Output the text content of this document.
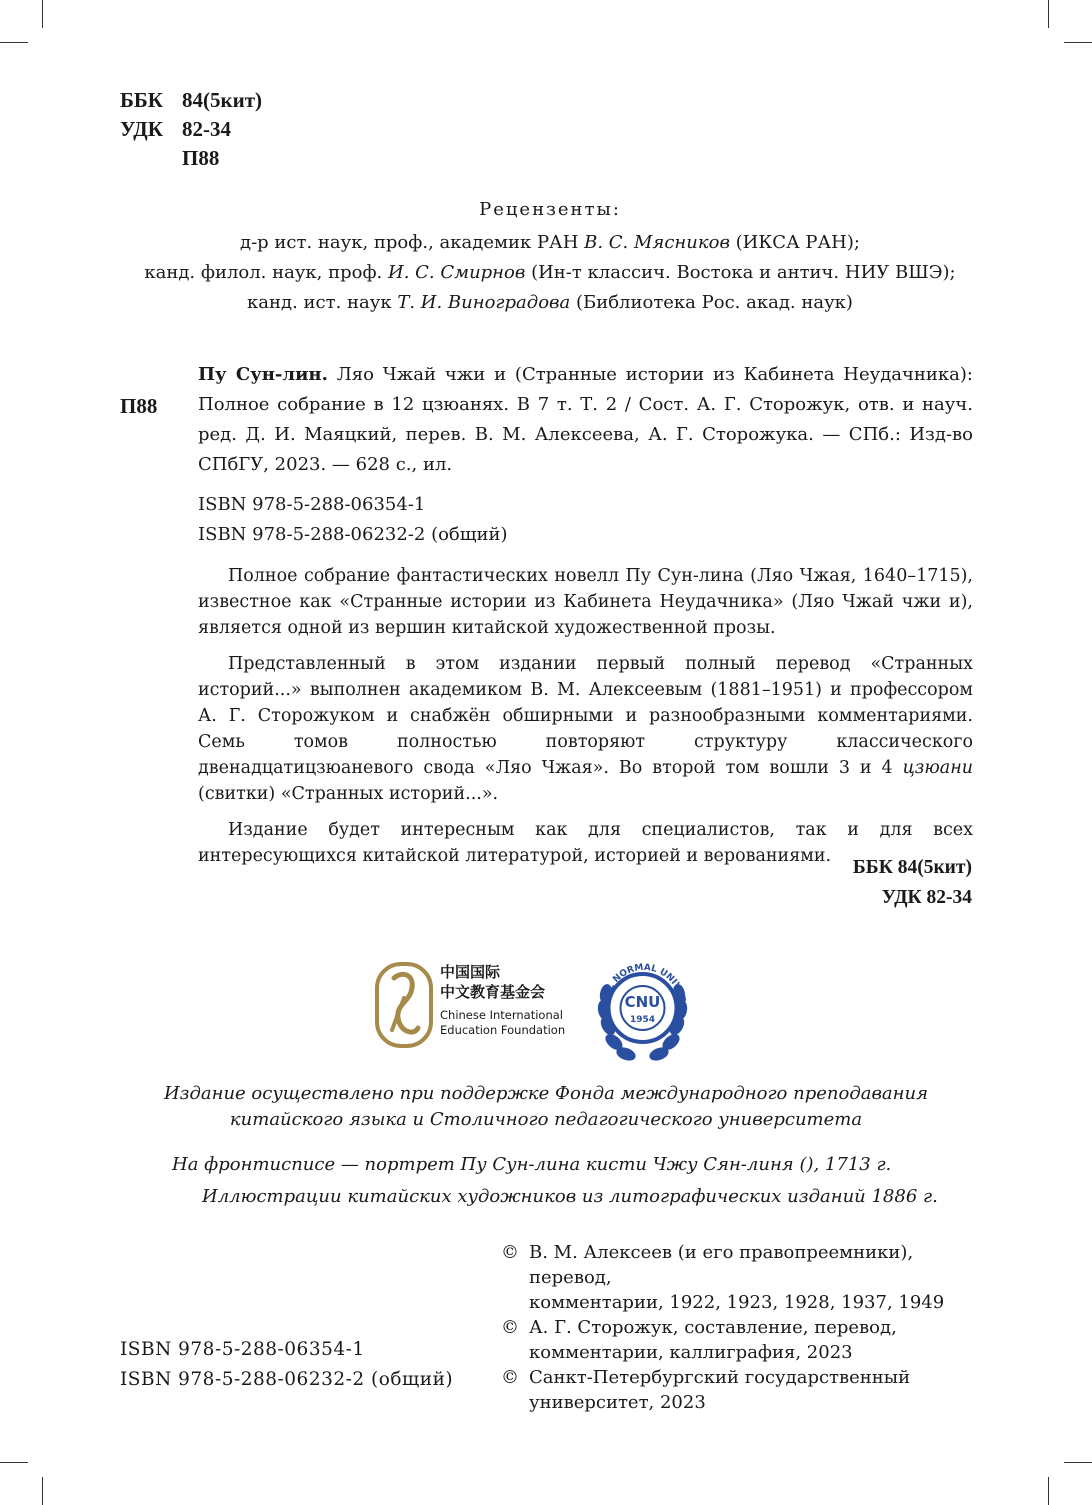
ББК 84(5кит)
УДК 82-34
П88
Рецензенты:
д-р ист. наук, проф., академик РАН В. С. Мясников (ИКСА РАН);
канд. филол. наук, проф. И. С. Смирнов (Ин-т классич. Востока и антич. НИУ ВШЭ);
канд. ист. наук Т. И. Виноградова (Библиотека Рос. акад. наук)
П88
Пу Сун-лин. Ляо Чжай чжи и (Странные истории из Кабинета Неудачника): Полное собрание в 12 цзюанях. В 7 т. Т. 2 / Сост. А. Г. Сторожук, отв. и науч. ред. Д. И. Маяцкий, перев. В. М. Алексеева, А. Г. Сторожука. — СПб.: Изд-во СПбГУ, 2023. — 628 с., ил.
ISBN 978-5-288-06354-1
ISBN 978-5-288-06232-2 (общий)

Полное собрание фантастических новелл Пу Сун-лина (Ляо Чжая, 1640–1715), известное как «Странные истории из Кабинета Неудачника» (Ляо Чжай чжи и), является одной из вершин китайской художественной прозы.

Представленный в этом издании первый полный перевод «Странных историй...» выполнен академиком В. М. Алексеевым (1881–1951) и профессором А. Г. Сторожуком и снабжён обширными и разнообразными комментариями. Семь томов полностью повторяют структуру классического двенадцатицзюаневого свода «Ляо Чжая». Во второй том вошли 3 и 4 цзюани (свитки) «Странных историй...».

Издание будет интересным как для специалистов, так и для всех интересующихся китайской литературой, историей и верованиями.

ББК 84(5кит)
УДК 82-34
中国国际
中文教育基金会
Chinese International
Education Foundation
ITAL NORMAL UNIVER
CNU
1954
Издание осуществлено при поддержке Фонда международного преподавания
китайского языка и Столичного педагогического университета
На фронтисписе — портрет Пу Сун-лина кисти Чжу Сян-линя (), 1713 г.
Иллюстрации китайских художников из литографических изданий 1886 г.
© В. М. Алексеев (и его правопреемники), перевод,
комментарии, 1922, 1923, 1928, 1937, 1949
© А. Г. Сторожук, составление, перевод,
комментарии, каллиграфия, 2023
© Санкт-Петербургский государственный
университет, 2023
ISBN 978-5-288-06354-1
ISBN 978-5-288-06232-2 (общий)
